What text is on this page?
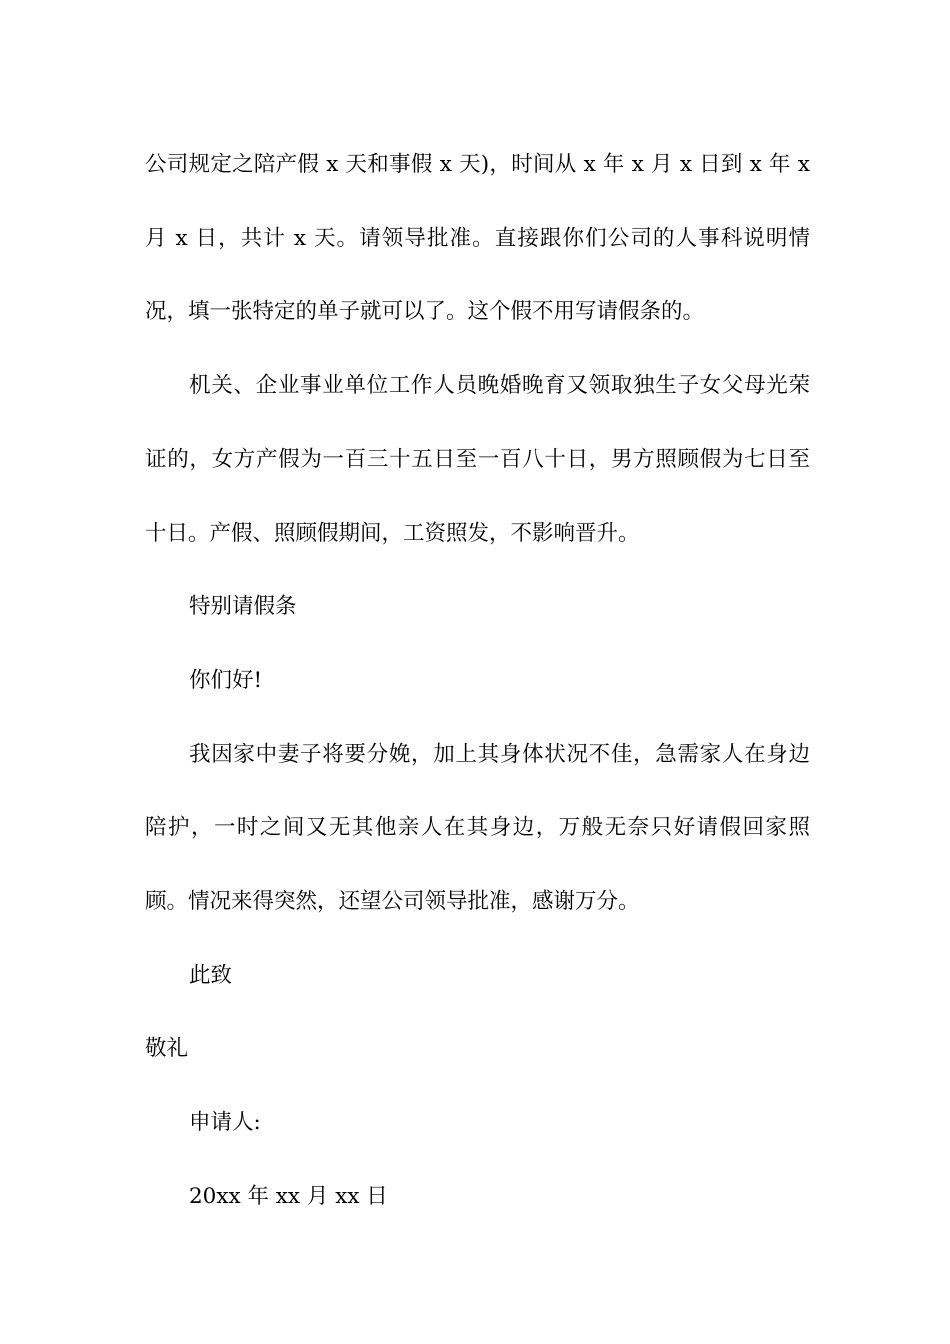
公司规定之陪产假 x 天和事假 x 天)，时间从 x 年 x 月 x 日到 x 年 x 月 x 日，共计 x 天。请领导批准。直接跟你们公司的人事科说明情况，填一张特定的单子就可以了。这个假不用写请假条的。

机关、企业事业单位工作人员晚婚晚育又领取独生子女父母光荣证的，女方产假为一百三十五日至一百八十日，男方照顾假为七日至十日。产假、照顾假期间，工资照发，不影响晋升。

特别请假条

你们好!

我因家中妻子将要分娩，加上其身体状况不佳，急需家人在身边陪护，一时之间又无其他亲人在其身边，万般无奈只好请假回家照顾。情况来得突然，还望公司领导批准，感谢万分。

此致

敬礼

申请人:

20xx 年 xx 月 xx 日
